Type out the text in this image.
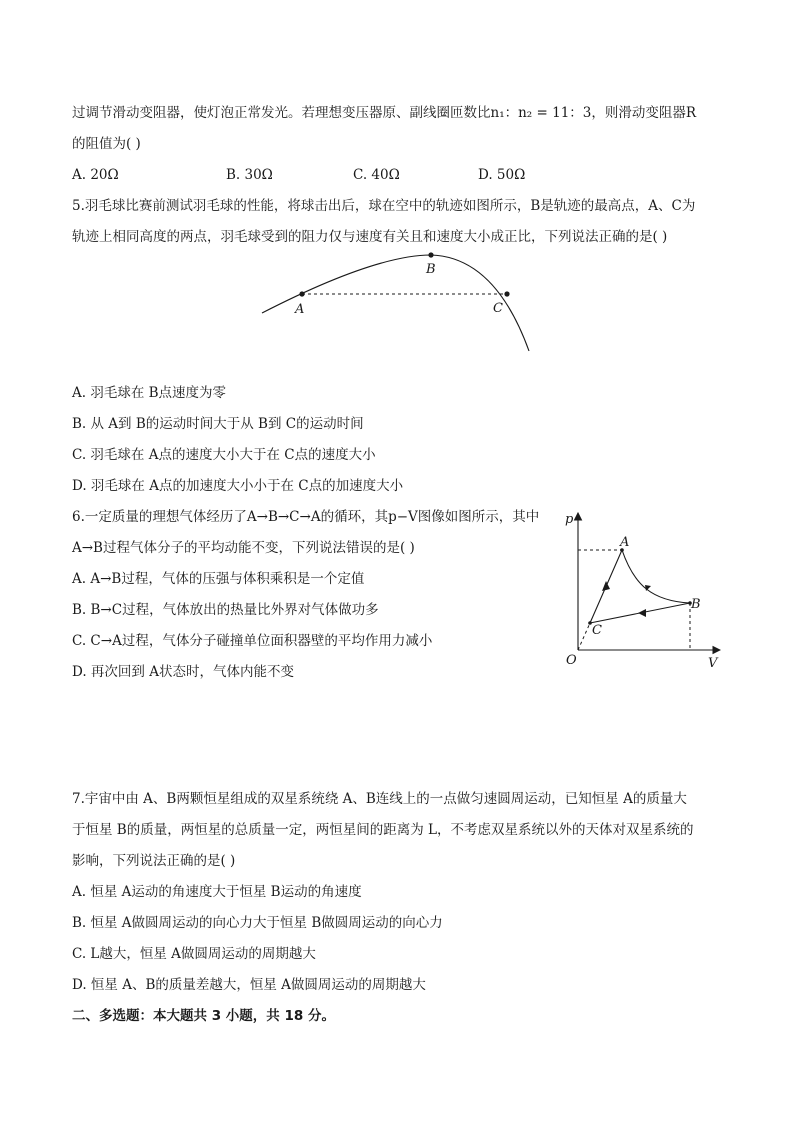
过调节滑动变阻器，使灯泡正常发光。若理想变压器原、副线圈匝数比n₁：n₂ = 11：3，则滑动变阻器R
的阻值为( )
A. 20Ω	B. 30Ω	C. 40Ω	D. 50Ω
5.羽毛球比赛前测试羽毛球的性能，将球击出后，球在空中的轨迹如图所示，B是轨迹的最高点，A、C为
轨迹上相同高度的两点，羽毛球受到的阻力仅与速度有关且和速度大小成正比，下列说法正确的是( )
A
B
C
A. 羽毛球在 B点速度为零
B. 从 A到 B的运动时间大于从 B到 C的运动时间
C. 羽毛球在 A点的速度大小大于在 C点的速度大小
D. 羽毛球在 A点的加速度大小小于在 C点的加速度大小
6.一定质量的理想气体经历了A→B→C→A的循环，其p−V图像如图所示，其中
A→B过程气体分子的平均动能不变，下列说法错误的是( )
A. A→B过程，气体的压强与体积乘积是一个定值
B. B→C过程，气体放出的热量比外界对气体做功多
C. C→A过程，气体分子碰撞单位面积器壁的平均作用力减小
D. 再次回到 A状态时，气体内能不变
p
V
O
A
B
C
7.宇宙中由 A、B两颗恒星组成的双星系统绕 A、B连线上的一点做匀速圆周运动，已知恒星 A的质量大
于恒星 B的质量，两恒星的总质量一定，两恒星间的距离为 L，不考虑双星系统以外的天体对双星系统的
影响，下列说法正确的是( )
A. 恒星 A运动的角速度大于恒星 B运动的角速度
B. 恒星 A做圆周运动的向心力大于恒星 B做圆周运动的向心力
C. L越大，恒星 A做圆周运动的周期越大
D. 恒星 A、B的质量差越大，恒星 A做圆周运动的周期越大
二、多选题：本大题共 3 小题，共 18 分。
